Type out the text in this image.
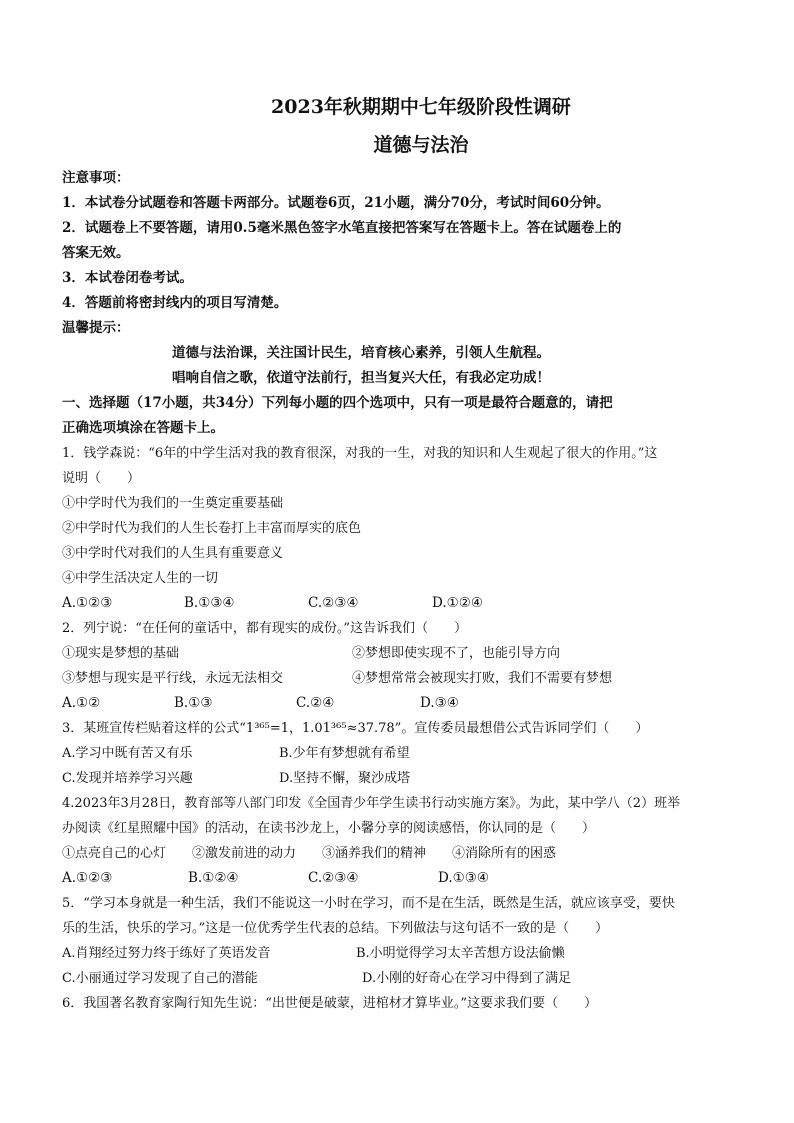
2023年秋期期中七年级阶段性调研
道德与法治
注意事项：
1．本试卷分试题卷和答题卡两部分。试题卷6页，21小题，满分70分，考试时间60分钟。
2．试题卷上不要答题，请用0.5毫米黑色签字水笔直接把答案写在答题卡上。答在试题卷上的
答案无效。
3．本试卷闭卷考试。
4．答题前将密封线内的项目写清楚。
温馨提示：
道德与法治课，关注国计民生，培育核心素养，引领人生航程。
唱响自信之歌，依道守法前行，担当复兴大任，有我必定功成！
一、选择题（17小题，共34分）下列每小题的四个选项中，只有一项是最符合题意的，请把
正确选项填涂在答题卡上。
1．钱学森说：“6年的中学生活对我的教育很深，对我的一生，对我的知识和人生观起了很大的作用。”这
说明（　　）
①中学时代为我们的一生奠定重要基础
②中学时代为我们的人生长卷打上丰富而厚实的底色
③中学时代对我们的人生具有重要意义
④中学生活决定人生的一切
A.①②③	B.①③④	C.②③④	D.①②④
2．列宁说：“在任何的童话中，都有现实的成份。”这告诉我们（　　）
①现实是梦想的基础	②梦想即使实现不了，也能引导方向
③梦想与现实是平行线，永远无法相交	④梦想常常会被现实打败，我们不需要有梦想
A.①②	B.①③	C.②④	D.③④
3．某班宣传栏贴着这样的公式“1³⁶⁵=1，1.01³⁶⁵≈37.78”。宣传委员最想借公式告诉同学们（　　）
A.学习中既有苦又有乐	B.少年有梦想就有希望
C.发现并培养学习兴趣	D.坚持不懈，聚沙成塔
4.2023年3月28日，教育部等八部门印发《全国青少年学生读书行动实施方案》。为此，某中学八（2）班举
办阅读《红星照耀中国》的活动，在读书沙龙上，小馨分享的阅读感悟，你认同的是（　　）
①点亮自己的心灯　　②激发前进的动力　　③涵养我们的精神　　④消除所有的困惑
A.①②③	B.①②④	C.②③④	D.①③④
5．“学习本身就是一种生活，我们不能说这一小时在学习，而不是在生活，既然是生活，就应该享受，要快
乐的生活，快乐的学习。”这是一位优秀学生代表的总结。下列做法与这句话不一致的是（　　）
A.肖翔经过努力终于练好了英语发音	B.小明觉得学习太辛苦想方设法偷懒
C.小丽通过学习发现了自己的潜能	D.小刚的好奇心在学习中得到了满足
6．我国著名教育家陶行知先生说：“出世便是破蒙，进棺材才算毕业。”这要求我们要（　　）
